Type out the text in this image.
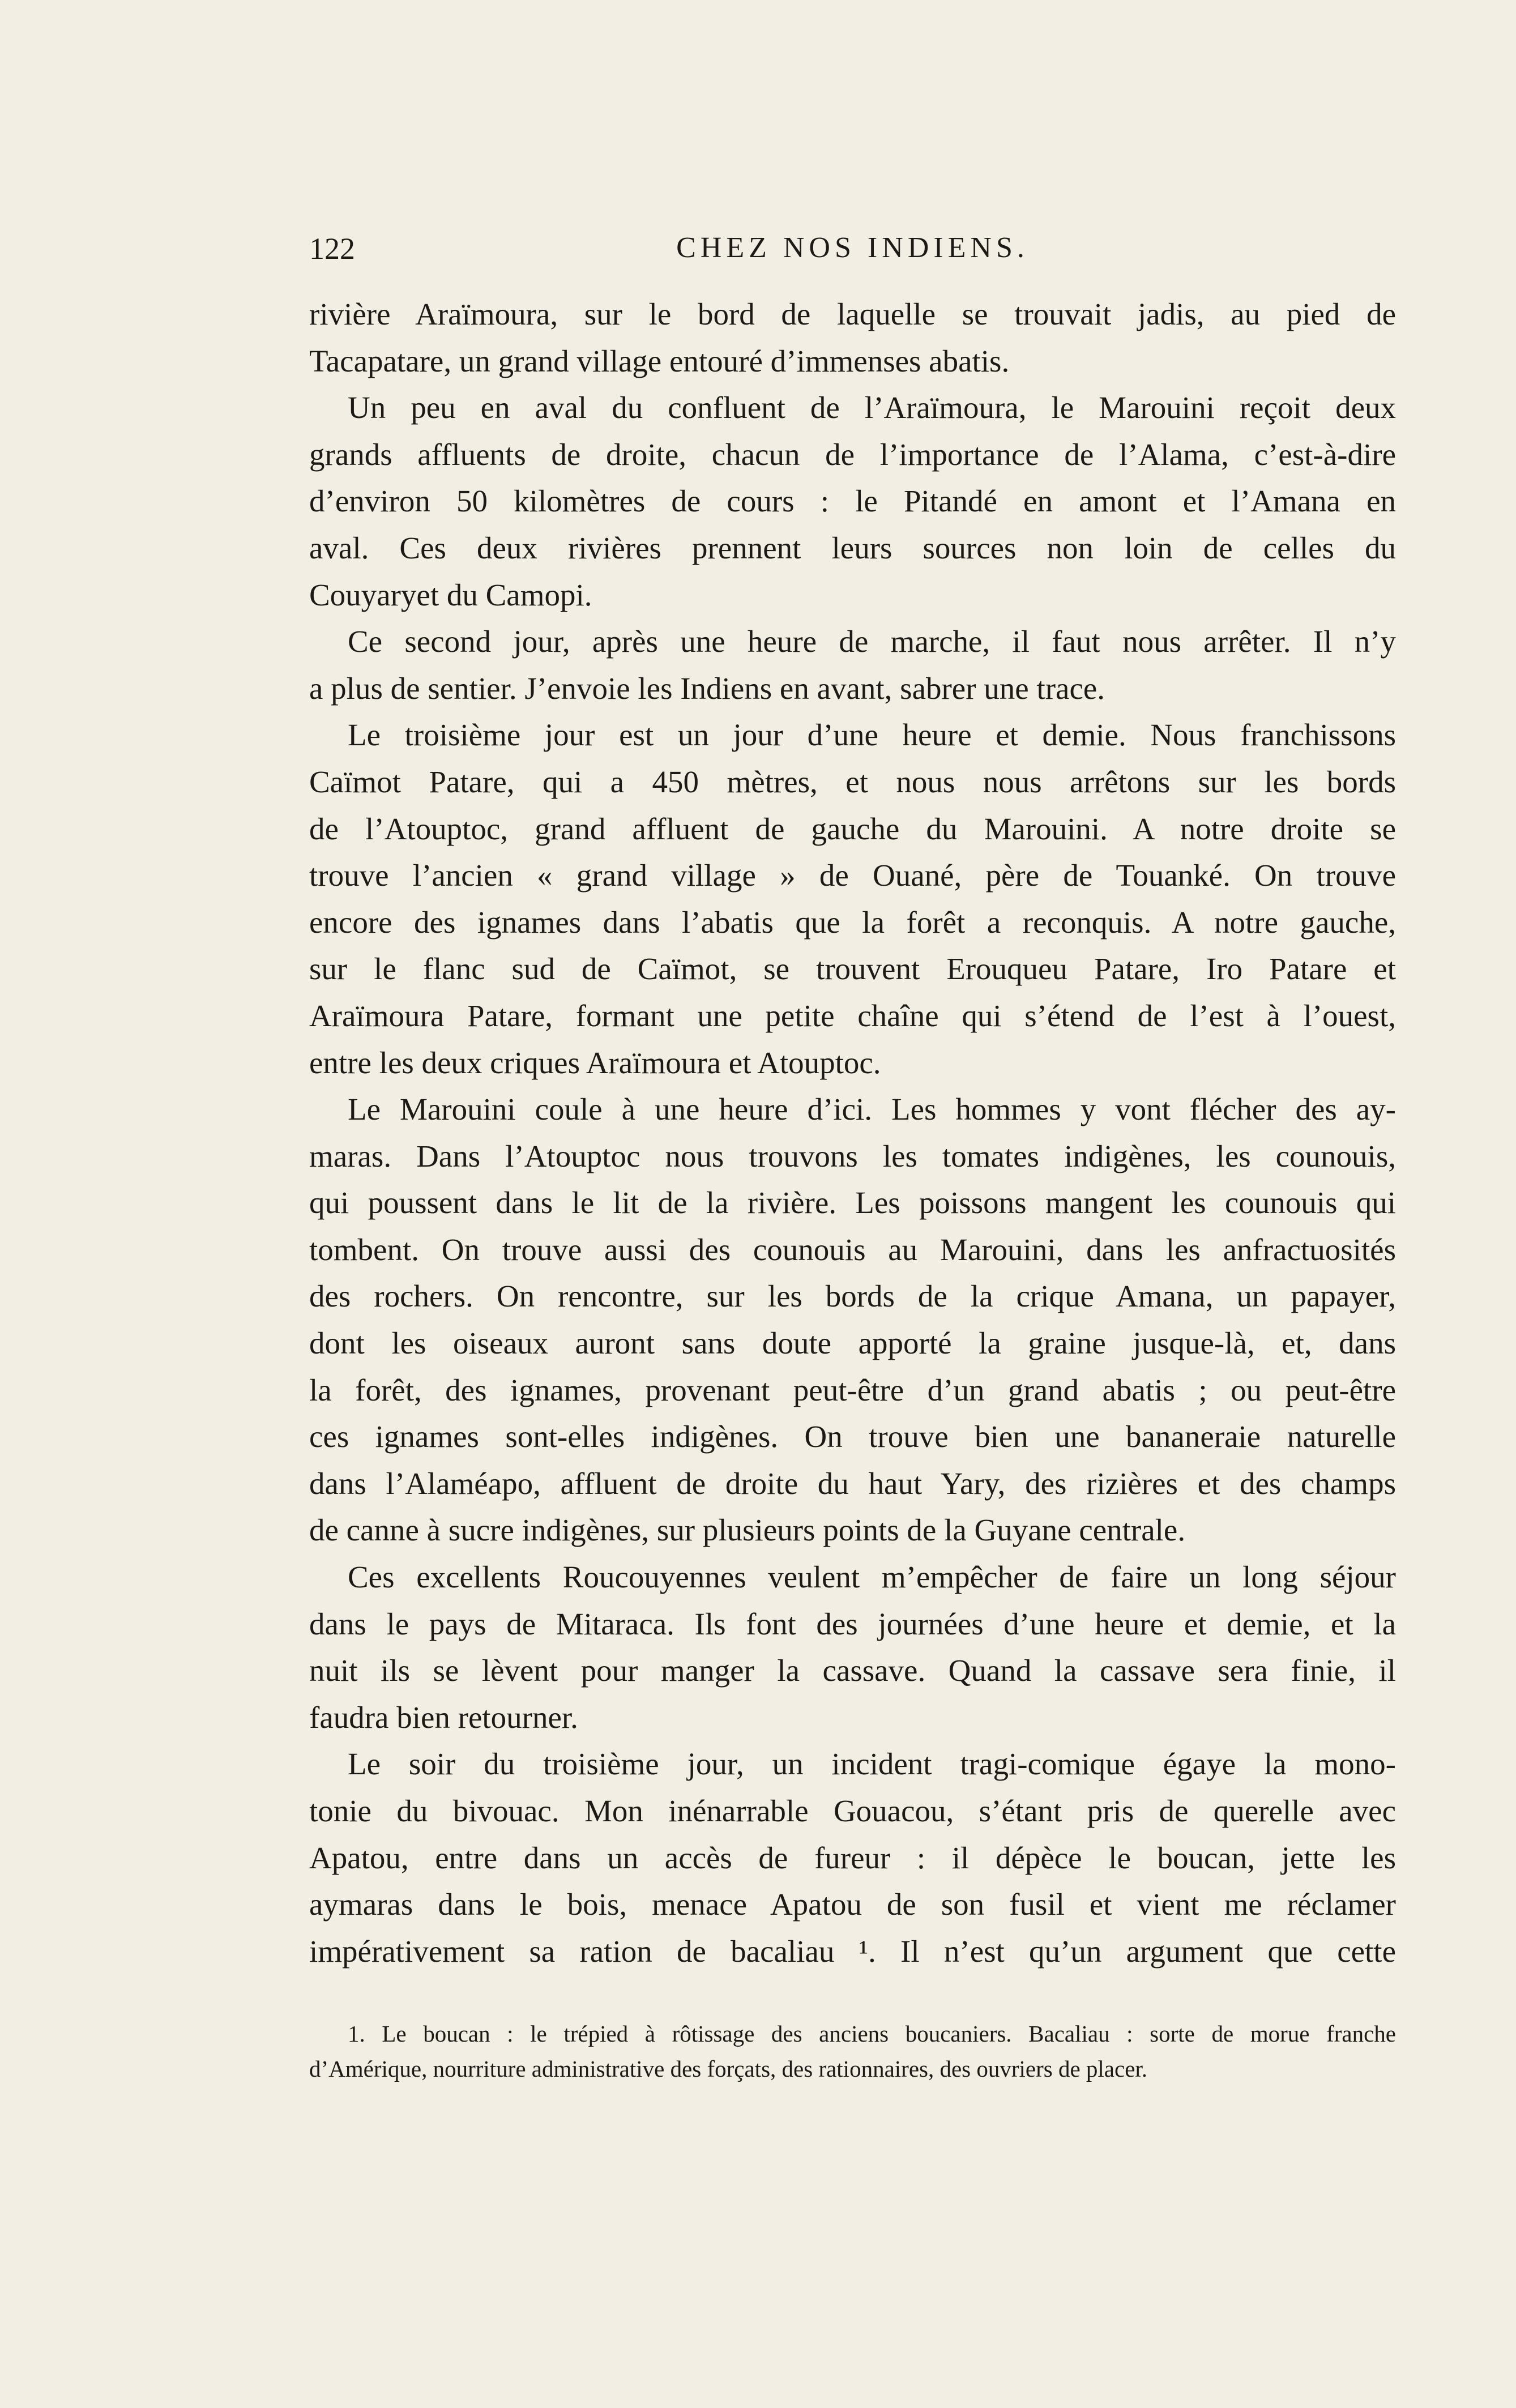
122	CHEZ NOS INDIENS.
rivière Araïmoura, sur le bord de laquelle se trouvait jadis, au pied de
Tacapatare, un grand village entouré d’immenses abatis.
Un peu en aval du confluent de l’Araïmoura, le Marouini reçoit deux
grands affluents de droite, chacun de l’importance de l’Alama, c’est-à-dire
d’environ 50 kilomètres de cours : le Pitandé en amont et l’Amana en
aval. Ces deux rivières prennent leurs sources non loin de celles du
Couyaryet du Camopi.
Ce second jour, après une heure de marche, il faut nous arrêter. Il n’y
a plus de sentier. J’envoie les Indiens en avant, sabrer une trace.
Le troisième jour est un jour d’une heure et demie. Nous franchissons
Caïmot Patare, qui a 450 mètres, et nous nous arrêtons sur les bords
de l’Atouptoc, grand affluent de gauche du Marouini. A notre droite se
trouve l’ancien « grand village » de Ouané, père de Touanké. On trouve
encore des ignames dans l’abatis que la forêt a reconquis. A notre gauche,
sur le flanc sud de Caïmot, se trouvent Erouqueu Patare, Iro Patare et
Araïmoura Patare, formant une petite chaîne qui s’étend de l’est à l’ouest,
entre les deux criques Araïmoura et Atouptoc.
Le Marouini coule à une heure d’ici. Les hommes y vont flécher des ay-
maras. Dans l’Atouptoc nous trouvons les tomates indigènes, les counouis,
qui poussent dans le lit de la rivière. Les poissons mangent les counouis qui
tombent. On trouve aussi des counouis au Marouini, dans les anfractuosités
des rochers. On rencontre, sur les bords de la crique Amana, un papayer,
dont les oiseaux auront sans doute apporté la graine jusque-là, et, dans
la forêt, des ignames, provenant peut-être d’un grand abatis ; ou peut-être
ces ignames sont-elles indigènes. On trouve bien une bananeraie naturelle
dans l’Alaméapo, affluent de droite du haut Yary, des rizières et des champs
de canne à sucre indigènes, sur plusieurs points de la Guyane centrale.
Ces excellents Roucouyennes veulent m’empêcher de faire un long séjour
dans le pays de Mitaraca. Ils font des journées d’une heure et demie, et la
nuit ils se lèvent pour manger la cassave. Quand la cassave sera finie, il
faudra bien retourner.
Le soir du troisième jour, un incident tragi-comique égaye la mono-
tonie du bivouac. Mon inénarrable Gouacou, s’étant pris de querelle avec
Apatou, entre dans un accès de fureur : il dépèce le boucan, jette les
aymaras dans le bois, menace Apatou de son fusil et vient me réclamer
impérativement sa ration de bacaliau ¹. Il n’est qu’un argument que cette
1. Le boucan : le trépied à rôtissage des anciens boucaniers. Bacaliau : sorte de morue franche
d’Amérique, nourriture administrative des forçats, des rationnaires, des ouvriers de placer.
